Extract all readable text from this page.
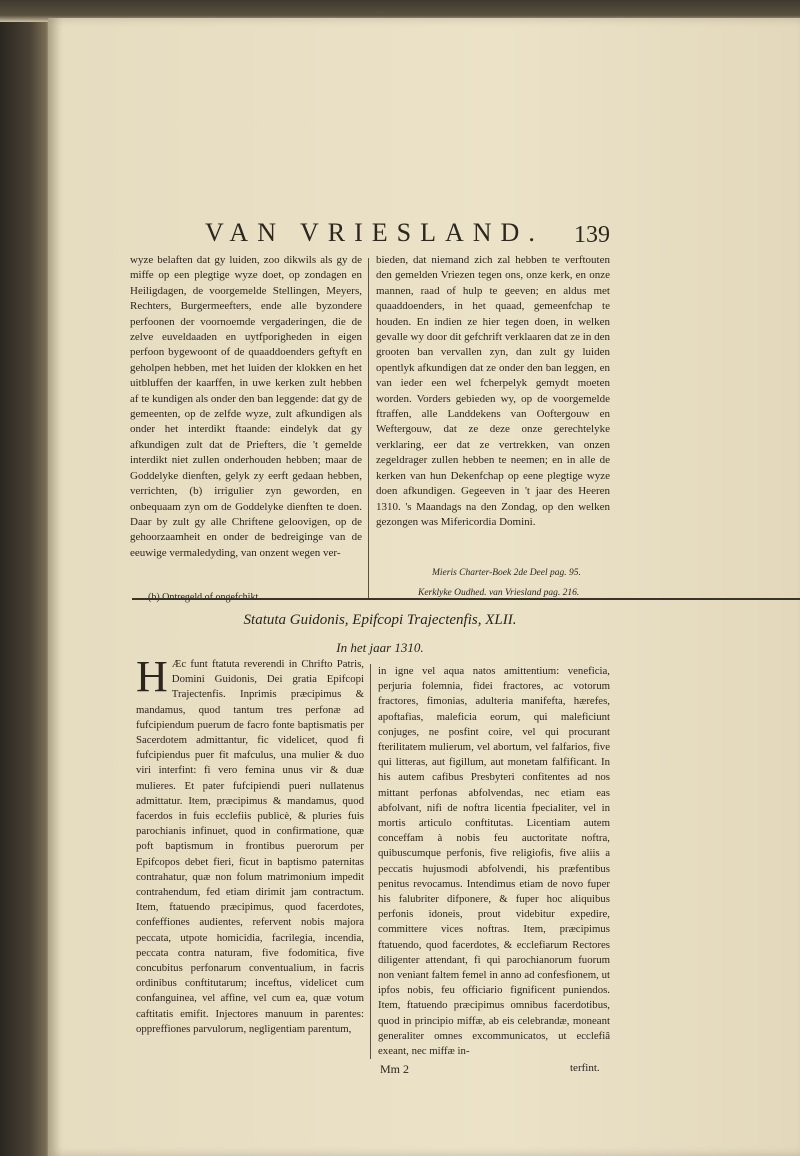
VAN VRIESLAND.	139

wyze belaften dat gy luiden, zoo dikwils als gy de miffe op een plegtige wyze doet, op zondagen en Heiligdagen, de voorgemelde Stellingen, Meyers, Rechters, Burgermeefters, ende alle byzondere perfoonen der voornoemde vergaderingen, die de zelve euveldaaden en uytfporigheden in eigen perfoon bygewoont of de quaaddoenders geftyft en geholpen hebben, met het luiden der klokken en het uitbluffen der kaarffen, in uwe kerken zult hebben af te kundigen als onder den ban leggende: dat gy de gemeenten, op de zelfde wyze, zult afkundigen als onder het interdikt ftaande: eindelyk dat gy afkundigen zult dat de Priefters, die 't gemelde interdikt niet zullen onderhouden hebben; maar de Goddelyke dienften, gelyk zy eerft gedaan hebben, verrichten, (b) irrigulier zyn geworden, en onbequaam zyn om de Goddelyke dienften te doen. Daar by zult gy alle Chriftene geloovigen, op de gehoorzaamheit en onder de bedreiginge van de eeuwige vermaledyding, van onzent wegen ver-

bieden, dat niemand zich zal hebben te verftouten den gemelden Vriezen tegen ons, onze kerk, en onze mannen, raad of hulp te geeven; en aldus met quaaddoenders, in het quaad, gemeenfchap te houden. En indien ze hier tegen doen, in welken gevalle wy door dit gefchrift verklaaren dat ze in den grooten ban vervallen zyn, dan zult gy luiden opentlyk afkundigen dat ze onder den ban leggen, en van ieder een wel fcherpelyk gemydt moeten worden. Vorders gebieden wy, op de voorgemelde ftraffen, alle Landdekens van Ooftergouw en Weftergouw, dat ze deze onze gerechtelyke verklaring, eer dat ze vertrekken, van onzen zegeldrager zullen hebben te neemen; en in alle de kerken van hun Dekenfchap op eene plegtige wyze doen afkundigen. Gegeeven in 't jaar des Heeren 1310. 's Maandags na den Zondag, op den welken gezongen was Mifericordia Domini.

Mieris Charter-Boek 2de Deel pag. 95.
Kerklyke Oudhed. van Vriesland pag. 216.
Statuta Guidonis, Epifcopi Trajectenfis, XLII.
In het jaar 1310.
H Æc funt ftatuta reverendi in Chrifto Patris, Domini Guidonis, Dei gratia Epifcopi Trajectenfis. Inprimis præcipimus & mandamus, quod tantum tres perfonæ ad fufcipiendum puerum de facro fonte baptismatis per Sacerdotem admittantur, fic videlicet, quod fi fufcipiendus puer fit mafculus, una mulier & duo viri interfint: fi vero femina unus vir & duæ mulieres. Et pater fufcipiendi pueri nullatenus admittatur. Item, præcipimus & mandamus, quod facerdos in fuis ecclefiis publicè, & pluries fuis parochianis infinuet, quod in confirmatione, quæ poft baptismum in frontibus puerorum per Epifcopos debet fieri, ficut in baptismo paternitas contrahatur, quæ non folum matrimonium impedit contrahendum, fed etiam dirimit jam contractum. Item, ftatuendo præcipimus, quod facerdotes, confeffiones audientes, refervent nobis majora peccata, utpote homicidia, facrilegia, incendia, peccata contra naturam, five fodomitica, five concubitus perfonarum conventualium, in facris ordinibus conftitutarum; inceftus, videlicet cum confanguinea, vel affine, vel cum ea, quæ votum caftitatis emifit. Injectores manuum in parentes: oppreffiones parvulorum, negligentiam parentum,

in igne vel aqua natos amittentium: veneficia, perjuria folemnia, fidei fractores, ac votorum fractores, fimonias, adulteria manifefta, hærefes, apoftafias, maleficia eorum, qui maleficiunt conjuges, ne posfint coire, vel qui procurant fterilitatem mulierum, vel abortum, vel falfarios, five qui litteras, aut figillum, aut monetam falfificant. In his autem cafibus Presbyteri confitentes ad nos mittant perfonas abfolvendas, nec etiam eas abfolvant, nifi de noftra licentia fpecialiter, vel in mortis articulo conftitutas. Licentiam autem conceffam à nobis feu auctoritate noftra, quibuscumque perfonis, five religiofis, five aliis a peccatis hujusmodi abfolvendi, his præfentibus penitus revocamus. Intendimus etiam de novo fuper his falubriter difponere, & fuper hoc aliquibus perfonis idoneis, prout videbitur expedire, committere vices noftras. Item, præcipimus ftatuendo, quod facerdotes, & ecclefiarum Rectores diligenter attendant, fi qui parochianorum fuorum non veniant faltem femel in anno ad confesfionem, ut ipfos nobis, feu officiario fignificent puniendos. Item, ftatuendo præcipimus omnibus facerdotibus, quod in principio miffæ, ab eis celebrandæ, moneant generaliter omnes excommunicatos, ut ecclefiâ exeant, nec miffæ in-

Mm 2	terfint.
